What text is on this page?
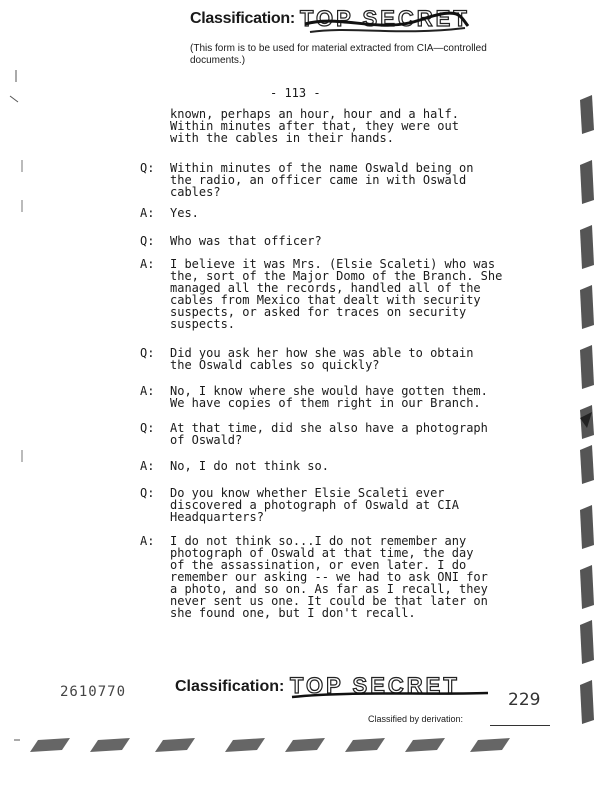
Classification: TOP SECRET
(This form is to be used for material extracted from CIA—controlled documents.)
- 113 -
known, perhaps an hour, hour and a half.
Within minutes after that, they were out
with the cables in their hands.
Q:	Within minutes of the name Oswald being on
the radio, an officer came in with Oswald
cables?
A:	Yes.
Q:	Who was that officer?
A:	I believe it was Mrs. (Elsie Scaleti) who was
the, sort of the Major Domo of the Branch. She
managed all the records, handled all of the
cables from Mexico that dealt with security
suspects, or asked for traces on security
suspects.
Q:	Did you ask her how she was able to obtain
the Oswald cables so quickly?
A:	No, I know where she would have gotten them.
We have copies of them right in our Branch.
Q:	At that time, did she also have a photograph
of Oswald?
A:	No, I do not think so.
Q:	Do you know whether Elsie Scaleti ever
discovered a photograph of Oswald at CIA
Headquarters?
A:	I do not think so...I do not remember any
photograph of Oswald at that time, the day
of the assassination, or even later. I do
remember our asking -- we had to ask ONI for
a photo, and so on. As far as I recall, they
never sent us one. It could be that later on
she found one, but I don't recall.
2610770	Classification: TOP SECRET
229
Classified by derivation:
